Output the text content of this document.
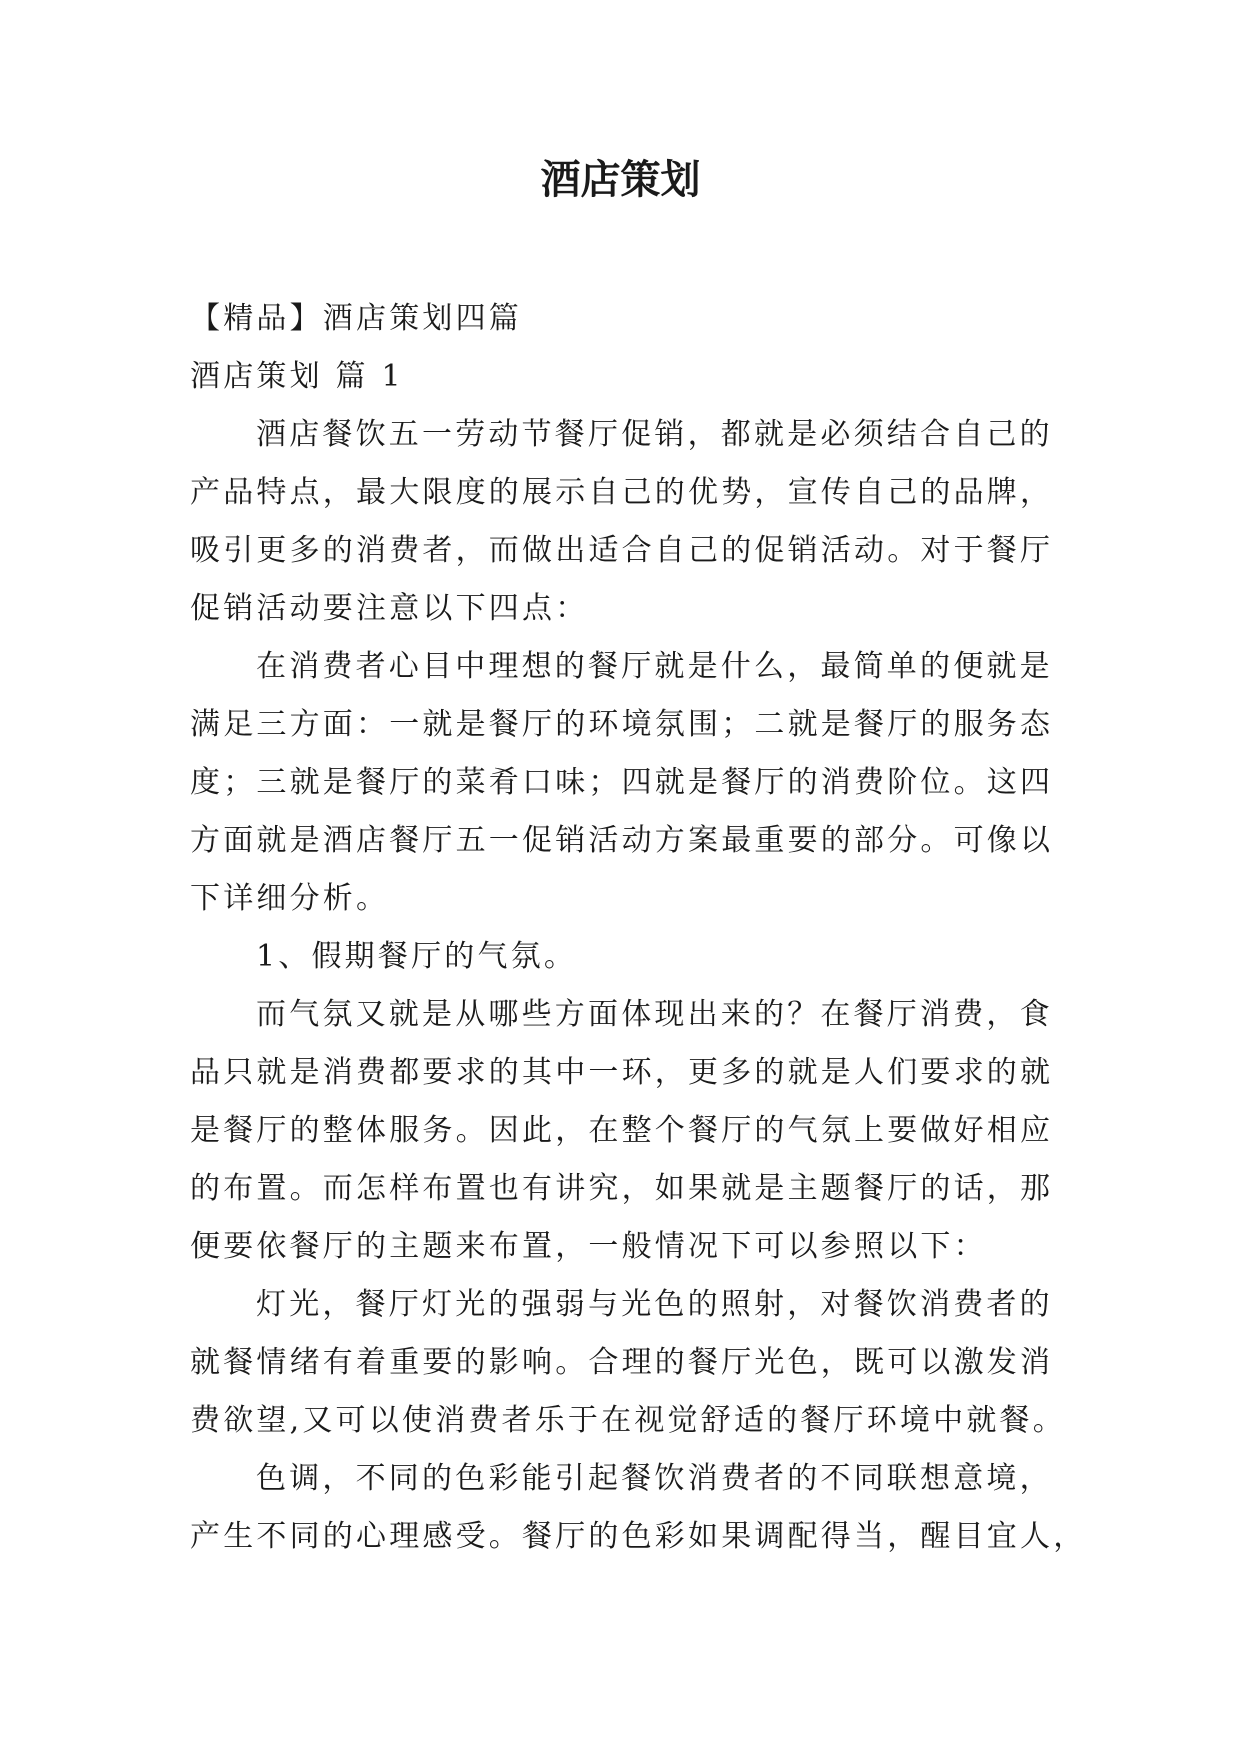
酒店策划

【精品】酒店策划四篇

酒店策划 篇 1

酒店餐饮五一劳动节餐厅促销，都就是必须结合自己的
产品特点，最大限度的展示自己的优势，宣传自己的品牌，
吸引更多的消费者，而做出适合自己的促销活动。对于餐厅
促销活动要注意以下四点：
在消费者心目中理想的餐厅就是什么，最简单的便就是
满足三方面：一就是餐厅的环境氛围；二就是餐厅的服务态
度；三就是餐厅的菜肴口味；四就是餐厅的消费阶位。这四
方面就是酒店餐厅五一促销活动方案最重要的部分。可像以
下详细分析。
1、假期餐厅的气氛。
而气氛又就是从哪些方面体现出来的？在餐厅消费，食
品只就是消费都要求的其中一环，更多的就是人们要求的就
是餐厅的整体服务。因此，在整个餐厅的气氛上要做好相应
的布置。而怎样布置也有讲究，如果就是主题餐厅的话，那
便要依餐厅的主题来布置，一般情况下可以参照以下：
灯光，餐厅灯光的强弱与光色的照射，对餐饮消费者的
就餐情绪有着重要的影响。合理的餐厅光色，既可以激发消
费欲望,又可以使消费者乐于在视觉舒适的餐厅环境中就餐。
色调，不同的色彩能引起餐饮消费者的不同联想意境，
产生不同的心理感受。餐厅的色彩如果调配得当，醒目宜人，
